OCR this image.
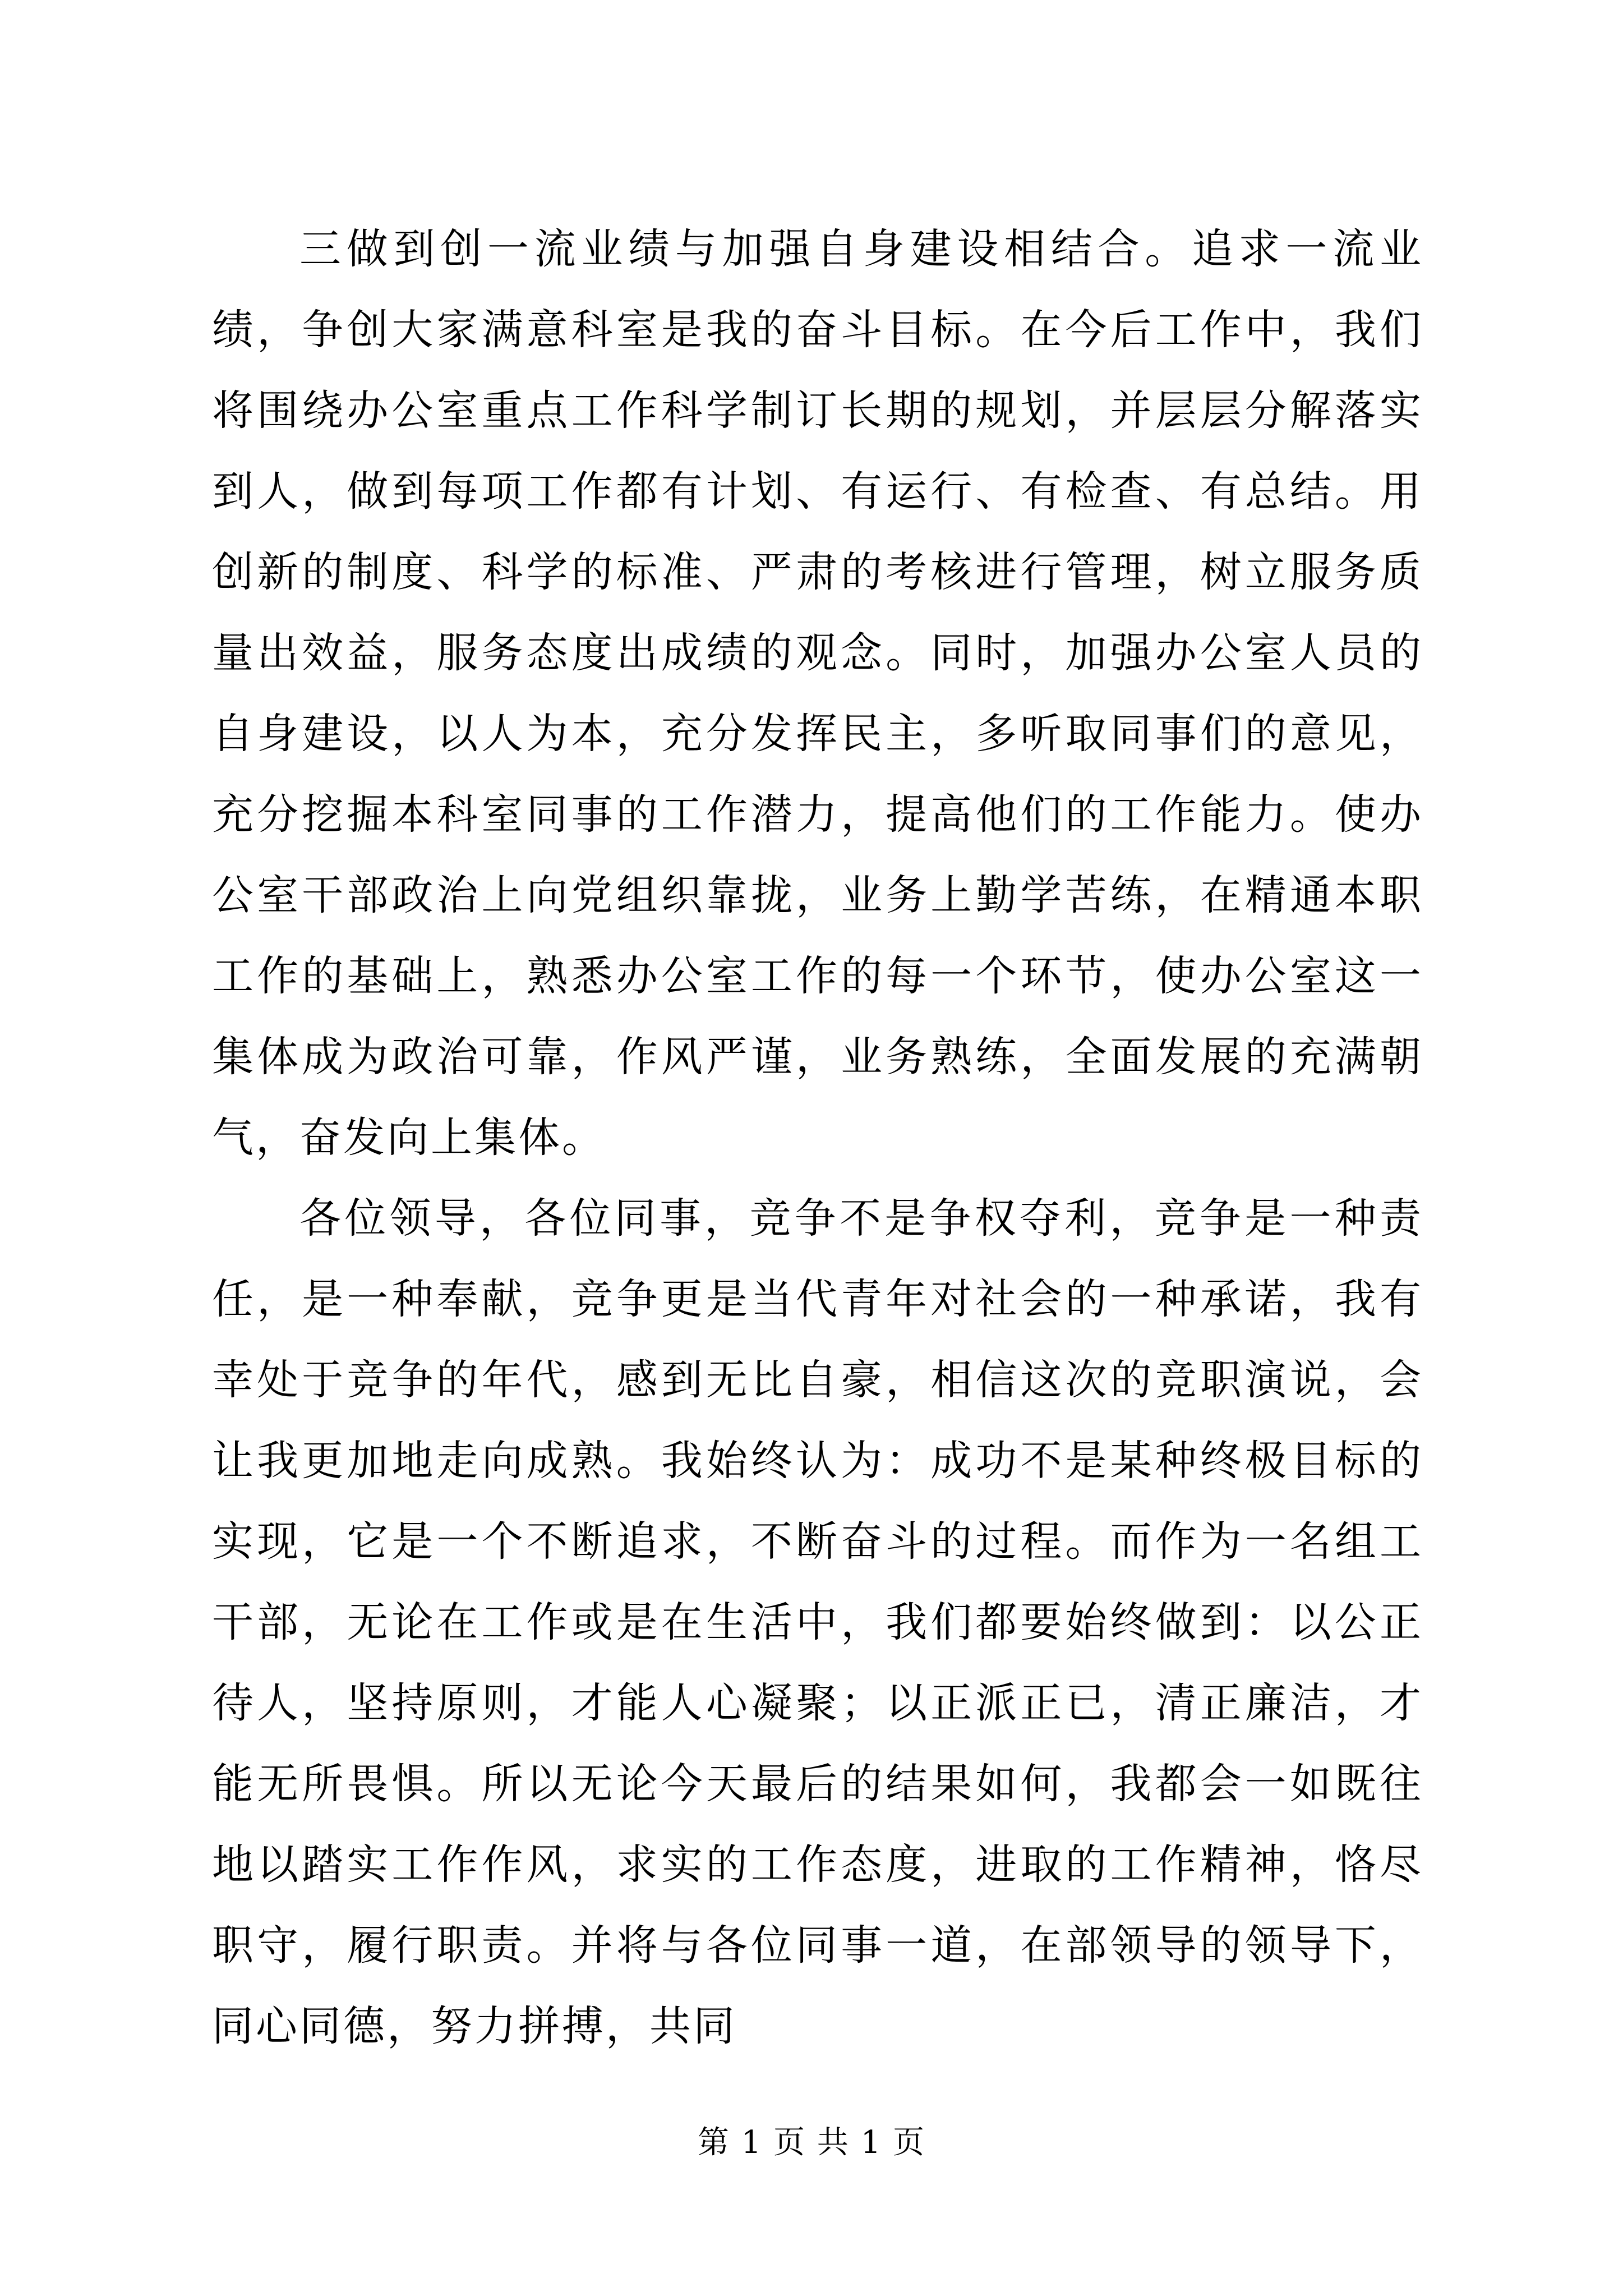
三做到创一流业绩与加强自身建设相结合。追求一流业绩，争创大家满意科室是我的奋斗目标。在今后工作中，我们将围绕办公室重点工作科学制订长期的规划，并层层分解落实到人，做到每项工作都有计划、有运行、有检查、有总结。用创新的制度、科学的标准、严肃的考核进行管理，树立服务质量出效益，服务态度出成绩的观念。同时，加强办公室人员的自身建设，以人为本，充分发挥民主，多听取同事们的意见，充分挖掘本科室同事的工作潜力，提高他们的工作能力。使办公室干部政治上向党组织靠拢，业务上勤学苦练，在精通本职工作的基础上，熟悉办公室工作的每一个环节，使办公室这一集体成为政治可靠，作风严谨，业务熟练，全面发展的充满朝气，奋发向上集体。

各位领导，各位同事，竞争不是争权夺利，竞争是一种责任，是一种奉献，竞争更是当代青年对社会的一种承诺，我有幸处于竞争的年代，感到无比自豪，相信这次的竞职演说，会让我更加地走向成熟。我始终认为：成功不是某种终极目标的实现，它是一个不断追求，不断奋斗的过程。而作为一名组工干部，无论在工作或是在生活中，我们都要始终做到：以公正待人，坚持原则，才能人心凝聚；以正派正已，清正廉洁，才能无所畏惧。所以无论今天最后的结果如何，我都会一如既往地以踏实工作作风，求实的工作态度，进取的工作精神，恪尽职守，履行职责。并将与各位同事一道，在部领导的领导下，同心同德，努力拼搏，共同

第 1 页 共 1 页
